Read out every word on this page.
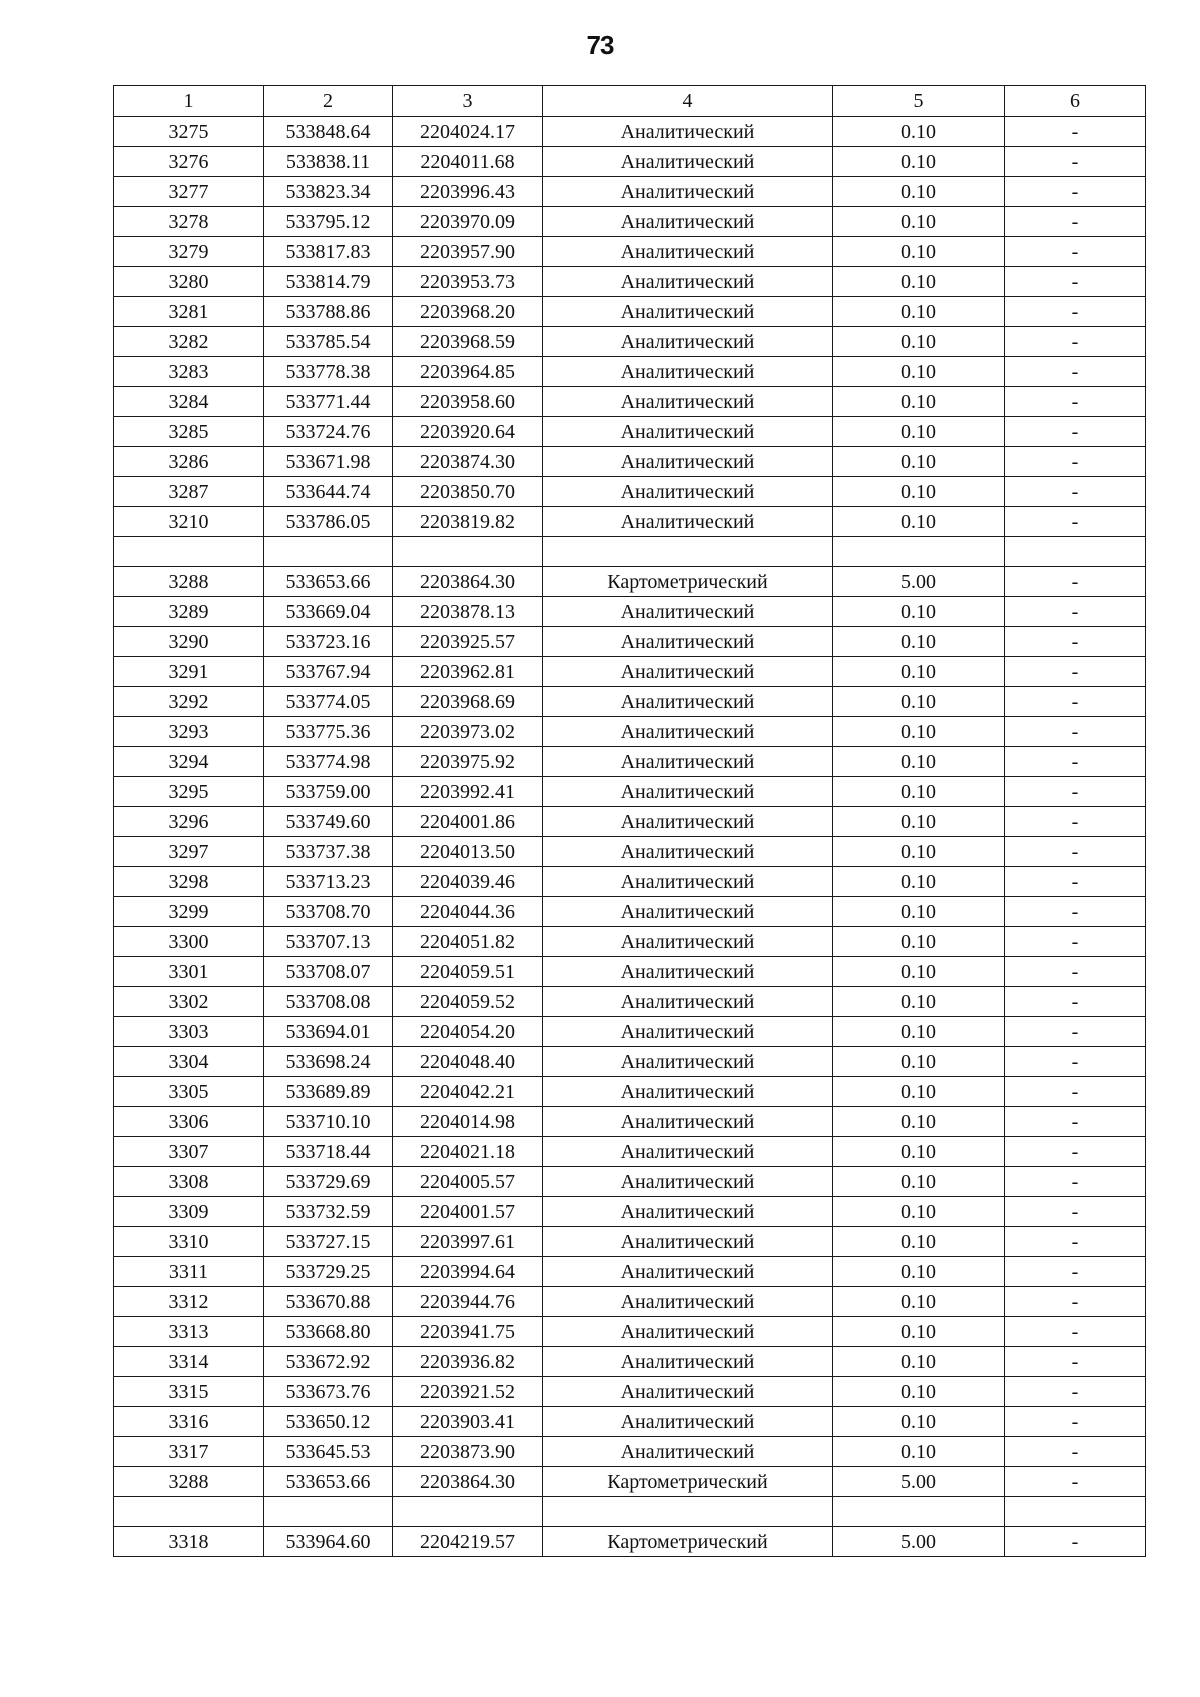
73
1	2	3	4	5	6
3275	533848.64	2204024.17	Аналитический	0.10	-
3276	533838.11	2204011.68	Аналитический	0.10	-
3277	533823.34	2203996.43	Аналитический	0.10	-
3278	533795.12	2203970.09	Аналитический	0.10	-
3279	533817.83	2203957.90	Аналитический	0.10	-
3280	533814.79	2203953.73	Аналитический	0.10	-
3281	533788.86	2203968.20	Аналитический	0.10	-
3282	533785.54	2203968.59	Аналитический	0.10	-
3283	533778.38	2203964.85	Аналитический	0.10	-
3284	533771.44	2203958.60	Аналитический	0.10	-
3285	533724.76	2203920.64	Аналитический	0.10	-
3286	533671.98	2203874.30	Аналитический	0.10	-
3287	533644.74	2203850.70	Аналитический	0.10	-
3210	533786.05	2203819.82	Аналитический	0.10	-

3288	533653.66	2203864.30	Картометрический	5.00	-
3289	533669.04	2203878.13	Аналитический	0.10	-
3290	533723.16	2203925.57	Аналитический	0.10	-
3291	533767.94	2203962.81	Аналитический	0.10	-
3292	533774.05	2203968.69	Аналитический	0.10	-
3293	533775.36	2203973.02	Аналитический	0.10	-
3294	533774.98	2203975.92	Аналитический	0.10	-
3295	533759.00	2203992.41	Аналитический	0.10	-
3296	533749.60	2204001.86	Аналитический	0.10	-
3297	533737.38	2204013.50	Аналитический	0.10	-
3298	533713.23	2204039.46	Аналитический	0.10	-
3299	533708.70	2204044.36	Аналитический	0.10	-
3300	533707.13	2204051.82	Аналитический	0.10	-
3301	533708.07	2204059.51	Аналитический	0.10	-
3302	533708.08	2204059.52	Аналитический	0.10	-
3303	533694.01	2204054.20	Аналитический	0.10	-
3304	533698.24	2204048.40	Аналитический	0.10	-
3305	533689.89	2204042.21	Аналитический	0.10	-
3306	533710.10	2204014.98	Аналитический	0.10	-
3307	533718.44	2204021.18	Аналитический	0.10	-
3308	533729.69	2204005.57	Аналитический	0.10	-
3309	533732.59	2204001.57	Аналитический	0.10	-
3310	533727.15	2203997.61	Аналитический	0.10	-
3311	533729.25	2203994.64	Аналитический	0.10	-
3312	533670.88	2203944.76	Аналитический	0.10	-
3313	533668.80	2203941.75	Аналитический	0.10	-
3314	533672.92	2203936.82	Аналитический	0.10	-
3315	533673.76	2203921.52	Аналитический	0.10	-
3316	533650.12	2203903.41	Аналитический	0.10	-
3317	533645.53	2203873.90	Аналитический	0.10	-
3288	533653.66	2203864.30	Картометрический	5.00	-

3318	533964.60	2204219.57	Картометрический	5.00	-
